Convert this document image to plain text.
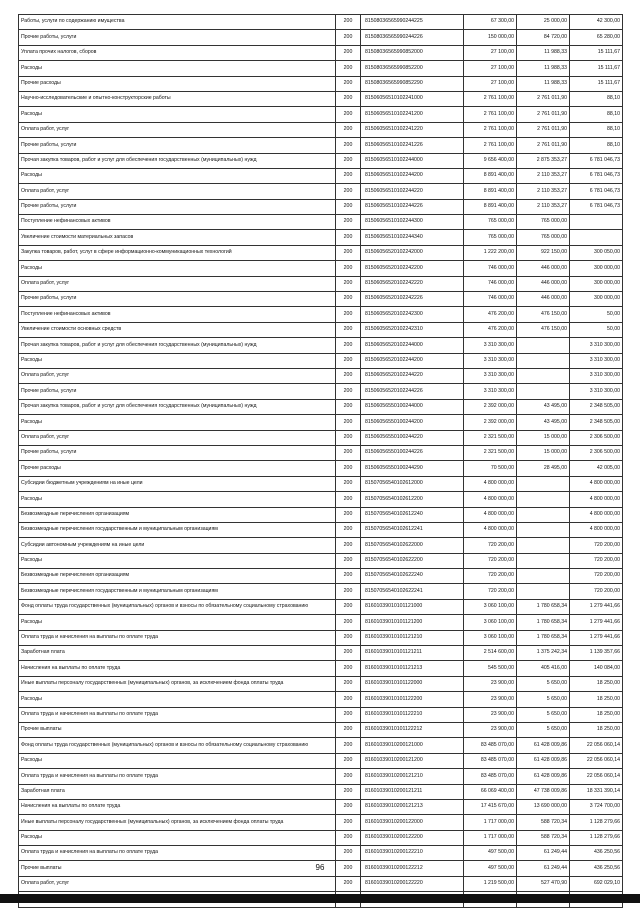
Работы, услуги по содержанию имущества	200	81508036565990244225	67 300,00	25 000,00	42 300,00
Прочие работы, услуги	200	81508036565990244226	150 000,00	84 720,00	65 280,00
Уплата прочих налогов, сборов	200	81508036565990852000	27 100,00	11 988,33	15 111,67
Расходы	200	81508036565990852200	27 100,00	11 988,33	15 111,67
Прочие расходы	200	81508036565990852290	27 100,00	11 988,33	15 111,67
Научно-исследовательские и опытно-конструкторские работы	200	81506056510102241000	2 761 100,00	2 761 011,90	88,10
Расходы	200	81506056510102241200	2 761 100,00	2 761 011,90	88,10
Оплата работ, услуг	200	81506056510102241220	2 761 100,00	2 761 011,90	88,10
Прочие работы, услуги	200	81506056510102241226	2 761 100,00	2 761 011,90	88,10
Прочая закупка товаров, работ и услуг для обеспечения государственных (муниципальных) нужд	200	81506056510102244000	9 656 400,00	2 875 353,27	6 781 046,73
Расходы	200	81506056510102244200	8 891 400,00	2 110 353,27	6 781 046,73
Оплата работ, услуг	200	81506056510102244220	8 891 400,00	2 110 353,27	6 781 046,73
Прочие работы, услуги	200	81506056510102244226	8 891 400,00	2 110 353,27	6 781 046,73
Поступление нефинансовых активов	200	81506056510102244300	765 000,00	765 000,00	
Увеличение стоимости материальных запасов	200	81506056510102244340	765 000,00	765 000,00	
Закупка товаров, работ, услуг в сфере информационно-коммуникационных технологий	200	81506056520102242000	1 222 200,00	922 150,00	300 050,00
Расходы	200	81506056520102242200	746 000,00	446 000,00	300 000,00
Оплата работ, услуг	200	81506056520102242220	746 000,00	446 000,00	300 000,00
Прочие работы, услуги	200	81506056520102242226	746 000,00	446 000,00	300 000,00
Поступление нефинансовых активов	200	81506056520102242300	476 200,00	476 150,00	50,00
Увеличение стоимости основных средств	200	81506056520102242310	476 200,00	476 150,00	50,00
Прочая закупка товаров, работ и услуг для обеспечения государственных (муниципальных) нужд	200	81506056520102244000	3 310 300,00		3 310 300,00
Расходы	200	81506056520102244200	3 310 300,00		3 310 300,00
Оплата работ, услуг	200	81506056520102244220	3 310 300,00		3 310 300,00
Прочие работы, услуги	200	81506056520102244226	3 310 300,00		3 310 300,00
Прочая закупка товаров, работ и услуг для обеспечения государственных (муниципальных) нужд	200	81506056550100244000	2 392 000,00	43 495,00	2 348 505,00
Расходы	200	81506056550100244200	2 392 000,00	43 495,00	2 348 505,00
Оплата работ, услуг	200	81506056550100244220	2 321 500,00	15 000,00	2 306 500,00
Прочие работы, услуги	200	81506056550100244226	2 321 500,00	15 000,00	2 306 500,00
Прочие расходы	200	81506056550100244290	70 500,00	28 495,00	42 005,00
Субсидии бюджетным учреждениям на иные цели	200	81507056540102612000	4 800 000,00		4 800 000,00
Расходы	200	81507056540102612200	4 800 000,00		4 800 000,00
Безвозмездные перечисления организациям	200	81507056540102612240	4 800 000,00		4 800 000,00
Безвозмездные перечисления государственным и муниципальным организациям	200	81507056540102612241	4 800 000,00		4 800 000,00
Субсидии автономным учреждениям на иные цели	200	81507056540102622000	720 200,00		720 200,00
Расходы	200	81507056540102622200	720 200,00		720 200,00
Безвозмездные перечисления организациям	200	81507056540102622240	720 200,00		720 200,00
Безвозмездные перечисления государственным и муниципальным организациям	200	81507056540102622241	720 200,00		720 200,00
Фонд оплаты труда государственных (муниципальных) органов и взносы по обязательному социальному страхованию	200	81601039010101121000	3 060 100,00	1 780 658,34	1 279 441,66
Расходы	200	81601039010101121200	3 060 100,00	1 780 658,34	1 279 441,66
Оплата труда и начисления на выплаты по оплате труда	200	81601039010101121210	3 060 100,00	1 780 658,34	1 279 441,66
Заработная плата	200	81601039010101121211	2 514 600,00	1 375 242,34	1 139 357,66
Начисления на выплаты по оплате труда	200	81601039010101121213	545 500,00	405 416,00	140 084,00
Иные выплаты персоналу государственных (муниципальных) органов, за исключением фонда оплаты труда	200	81601039010101122000	23 900,00	5 650,00	18 250,00
Расходы	200	81601039010101122200	23 900,00	5 650,00	18 250,00
Оплата труда и начисления на выплаты по оплате труда	200	81601039010101122210	23 900,00	5 650,00	18 250,00
Прочие выплаты	200	81601039010101122212	23 900,00	5 650,00	18 250,00
Фонд оплаты труда государственных (муниципальных) органов и взносы по обязательному социальному страхованию	200	81601039010200121000	83 485 070,00	61 428 009,86	22 056 060,14
Расходы	200	81601039010200121200	83 485 070,00	61 428 009,86	22 056 060,14
Оплата труда и начисления на выплаты по оплате труда	200	81601039010200121210	83 485 070,00	61 428 009,86	22 056 060,14
Заработная плата	200	81601039010200121211	66 069 400,00	47 738 009,86	18 331 390,14
Начисления на выплаты по оплате труда	200	81601039010200121213	17 415 670,00	13 690 000,00	3 724 700,00
Иные выплаты персоналу государственных (муниципальных) органов, за исключением фонда оплаты труда	200	81601039010200122000	1 717 000,00	588 720,34	1 128 279,66
Расходы	200	81601039010200122200	1 717 000,00	588 720,34	1 128 279,66
Оплата труда и начисления на выплаты по оплате труда	200	81601039010200122210	497 500,00	61 249,44	436 250,56
Прочие выплаты	200	81601039010200122212	497 500,00	61 249,44	436 250,56
Оплата работ, услуг	200	81601039010200122220	1 219 500,00	527 470,90	692 029,10

96
